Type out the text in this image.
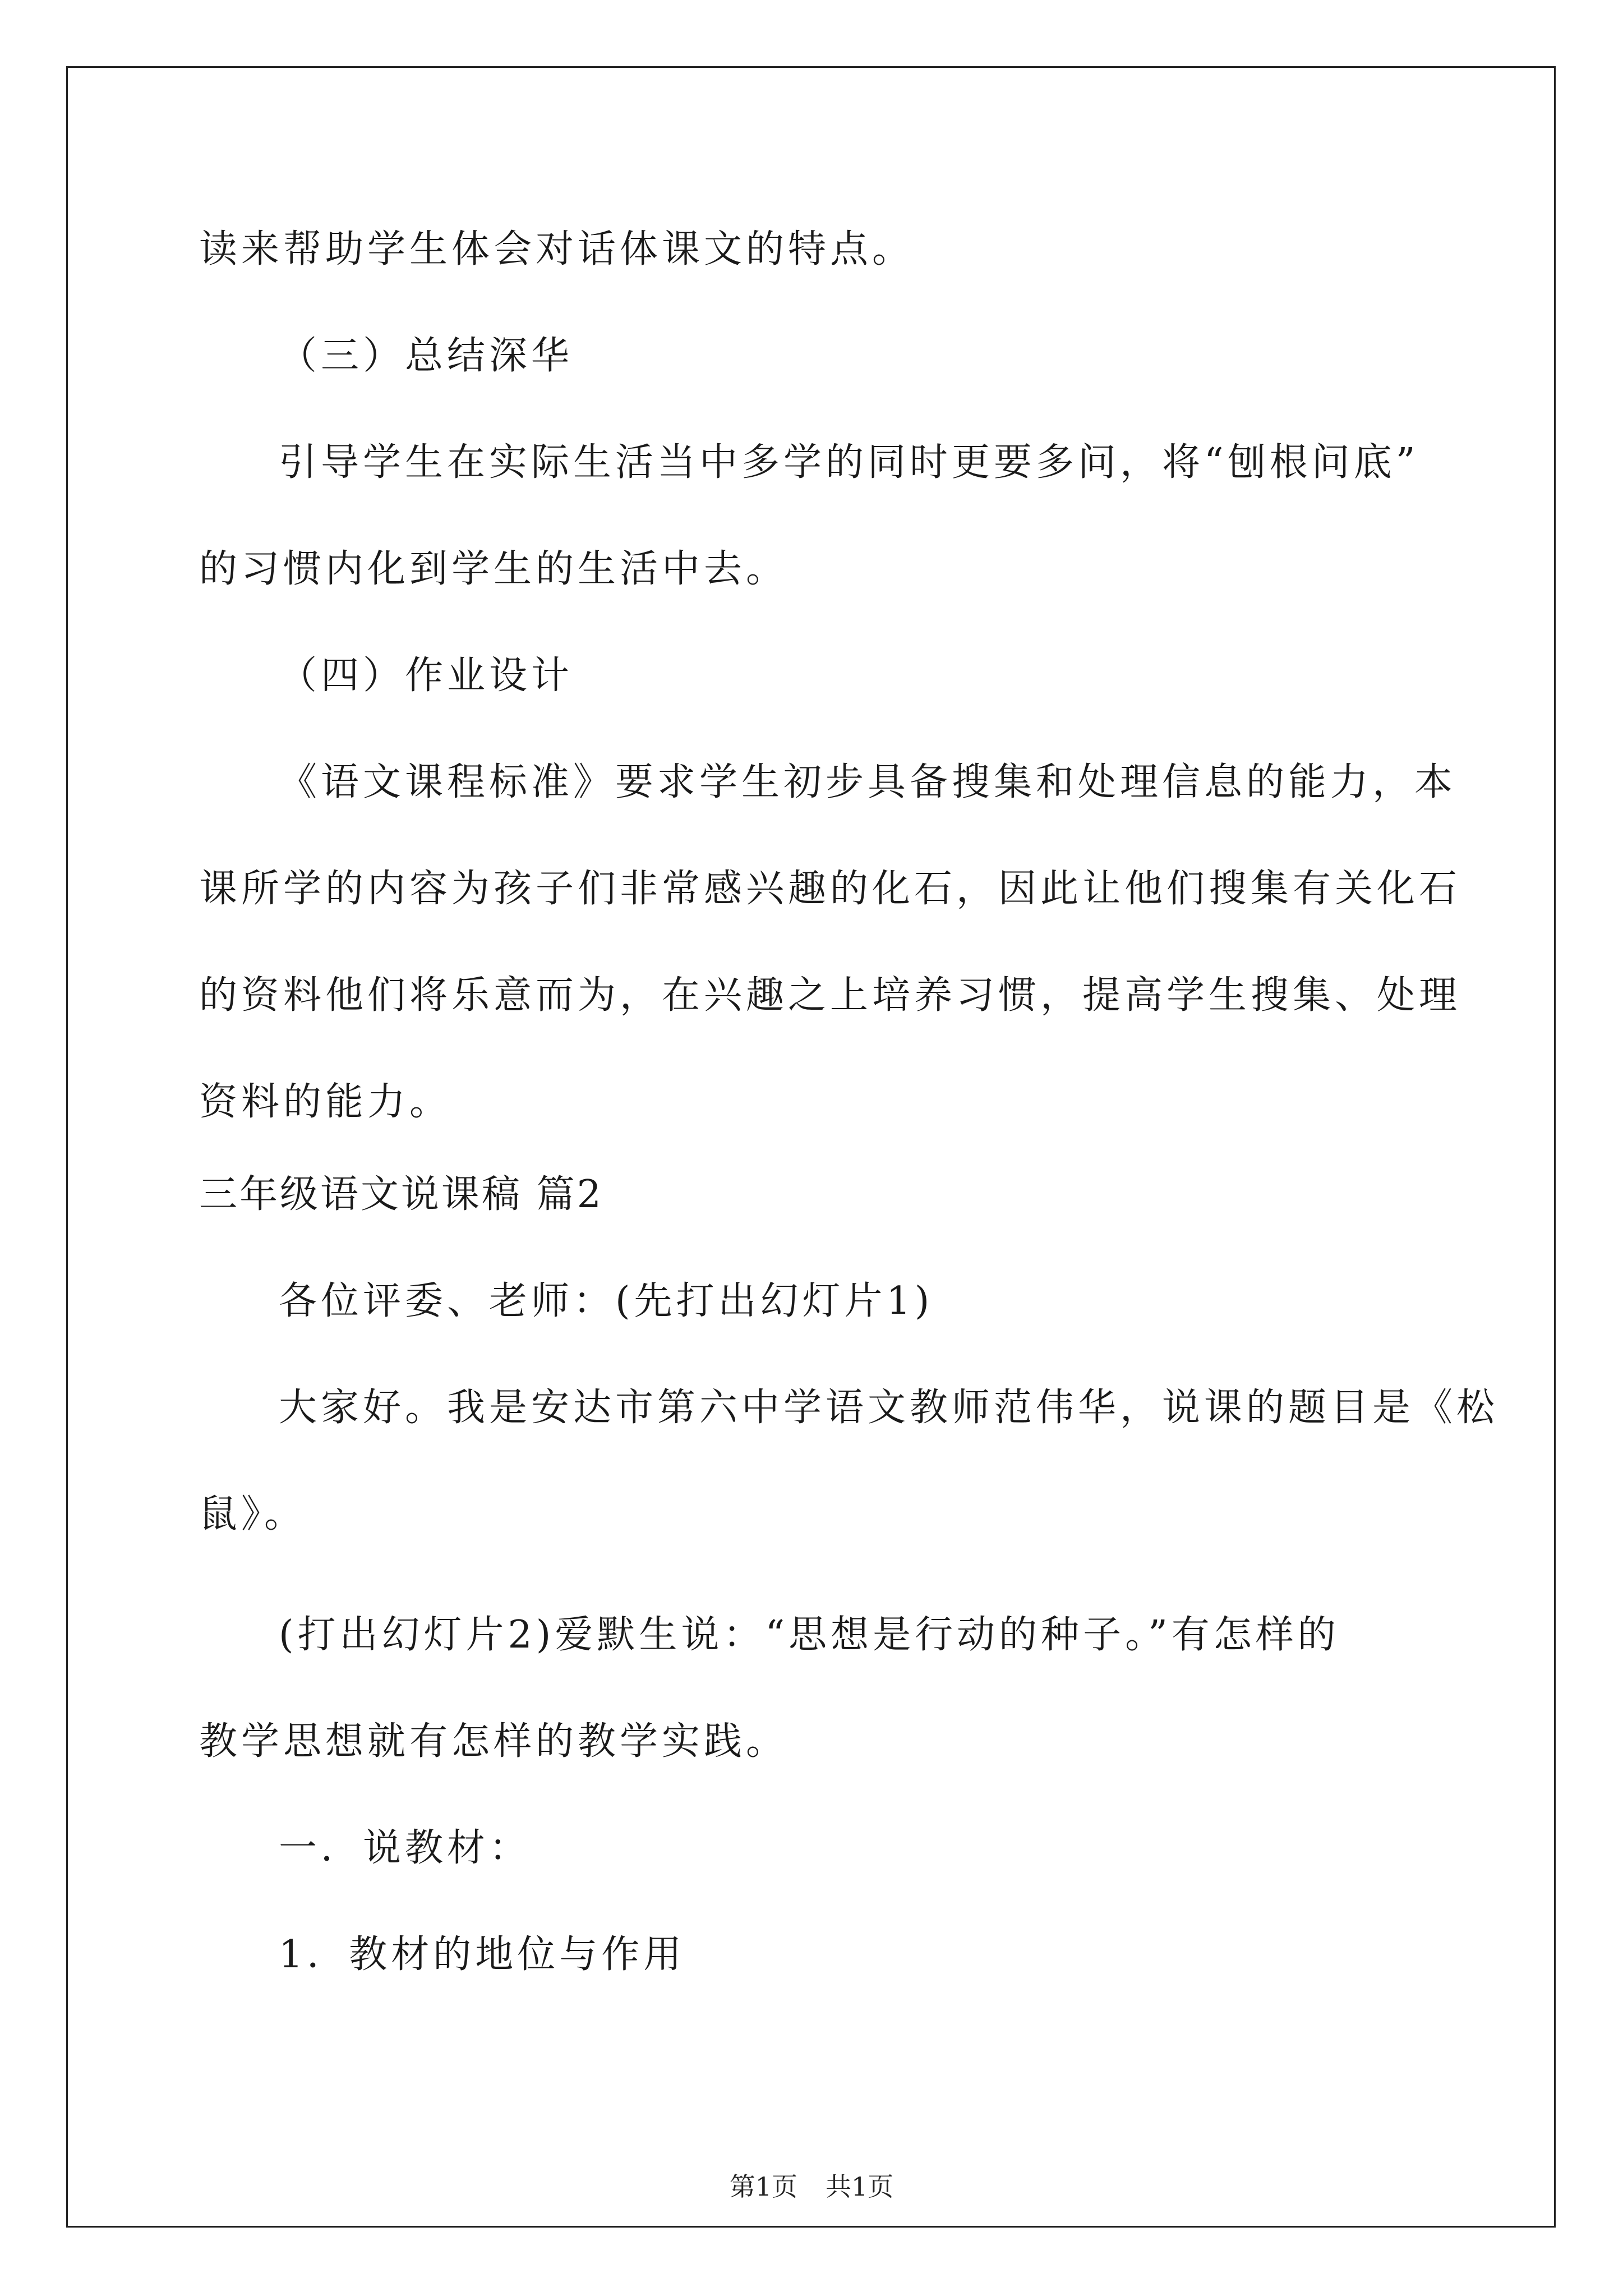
读来帮助学生体会对话体课文的特点。
（三）总结深华
引导学生在实际生活当中多学的同时更要多问，将“刨根问底”
的习惯内化到学生的生活中去。
（四）作业设计
《语文课程标准》要求学生初步具备搜集和处理信息的能力，本
课所学的内容为孩子们非常感兴趣的化石，因此让他们搜集有关化石
的资料他们将乐意而为，在兴趣之上培养习惯，提高学生搜集、处理
资料的能力。
三年级语文说课稿 篇2
各位评委、老师：(先打出幻灯片1)
大家好。我是安达市第六中学语文教师范伟华，说课的题目是《松
鼠》。
(打出幻灯片2)爱默生说：“思想是行动的种子。”有怎样的
教学思想就有怎样的教学实践。
一．说教材：
1．教材的地位与作用
第1页 共1页
